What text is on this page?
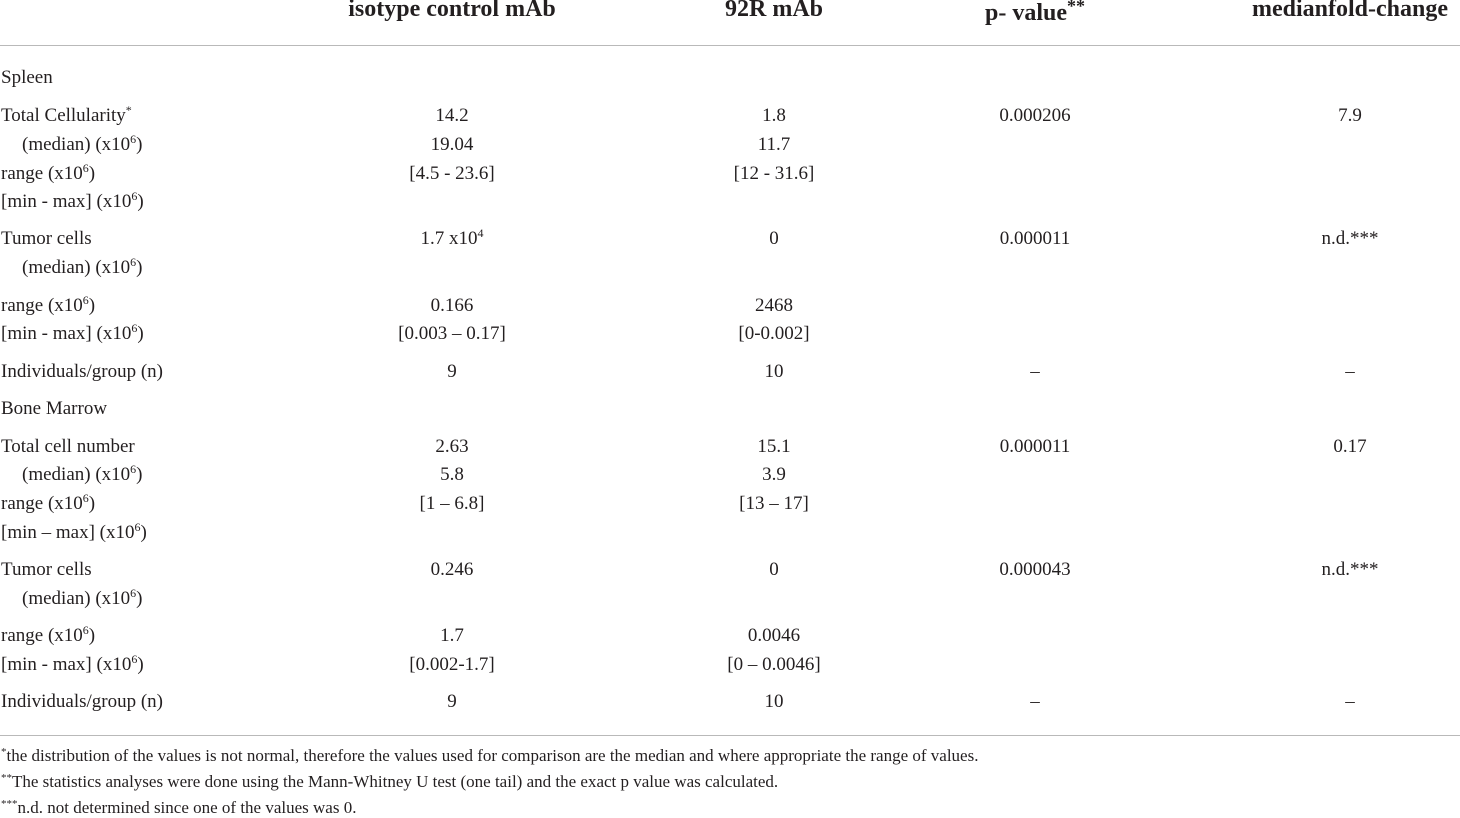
isotype control mAb	92R mAb	p- value**	medianfold-change
Spleen
Total Cellularity*	14.2	1.8	0.000206	7.9
(median) $(x10^6)$	19.04	11.7
range $(x10^6)$	[4.5 - 23.6]	[12 - 31.6]
[min - max] $(x10^6)$
Tumor cells	1.7 $x10^4$	0	0.000011	n.d.***
(median) $(x10^6)$
range $(x10^6)$	0.166	2468
[min - max] $(x10^6)$	[0.003 – 0.17]	[0-0.002]
Individuals/group (n)	9	10	–	–
Bone Marrow
Total cell number	2.63	15.1	0.000011	0.17
(median) $(x10^6)$	5.8	3.9
range $(x10^6)$	[1 – 6.8]	[13 – 17]
[min – max] $(x10^6)$
Tumor cells	0.246	0	0.000043	n.d.***
(median) $(x10^6)$
range $(x10^6)$	1.7	0.0046
[min - max] $(x10^6)$	[0.002-1.7]	[0 – 0.0046]
Individuals/group (n)	9	10	–	–
*the distribution of the values is not normal, therefore the values used for comparison are the median and where appropriate the range of values.
**The statistics analyses were done using the Mann-Whitney U test (one tail) and the exact p value was calculated.
***n.d. not determined since one of the values was 0.
